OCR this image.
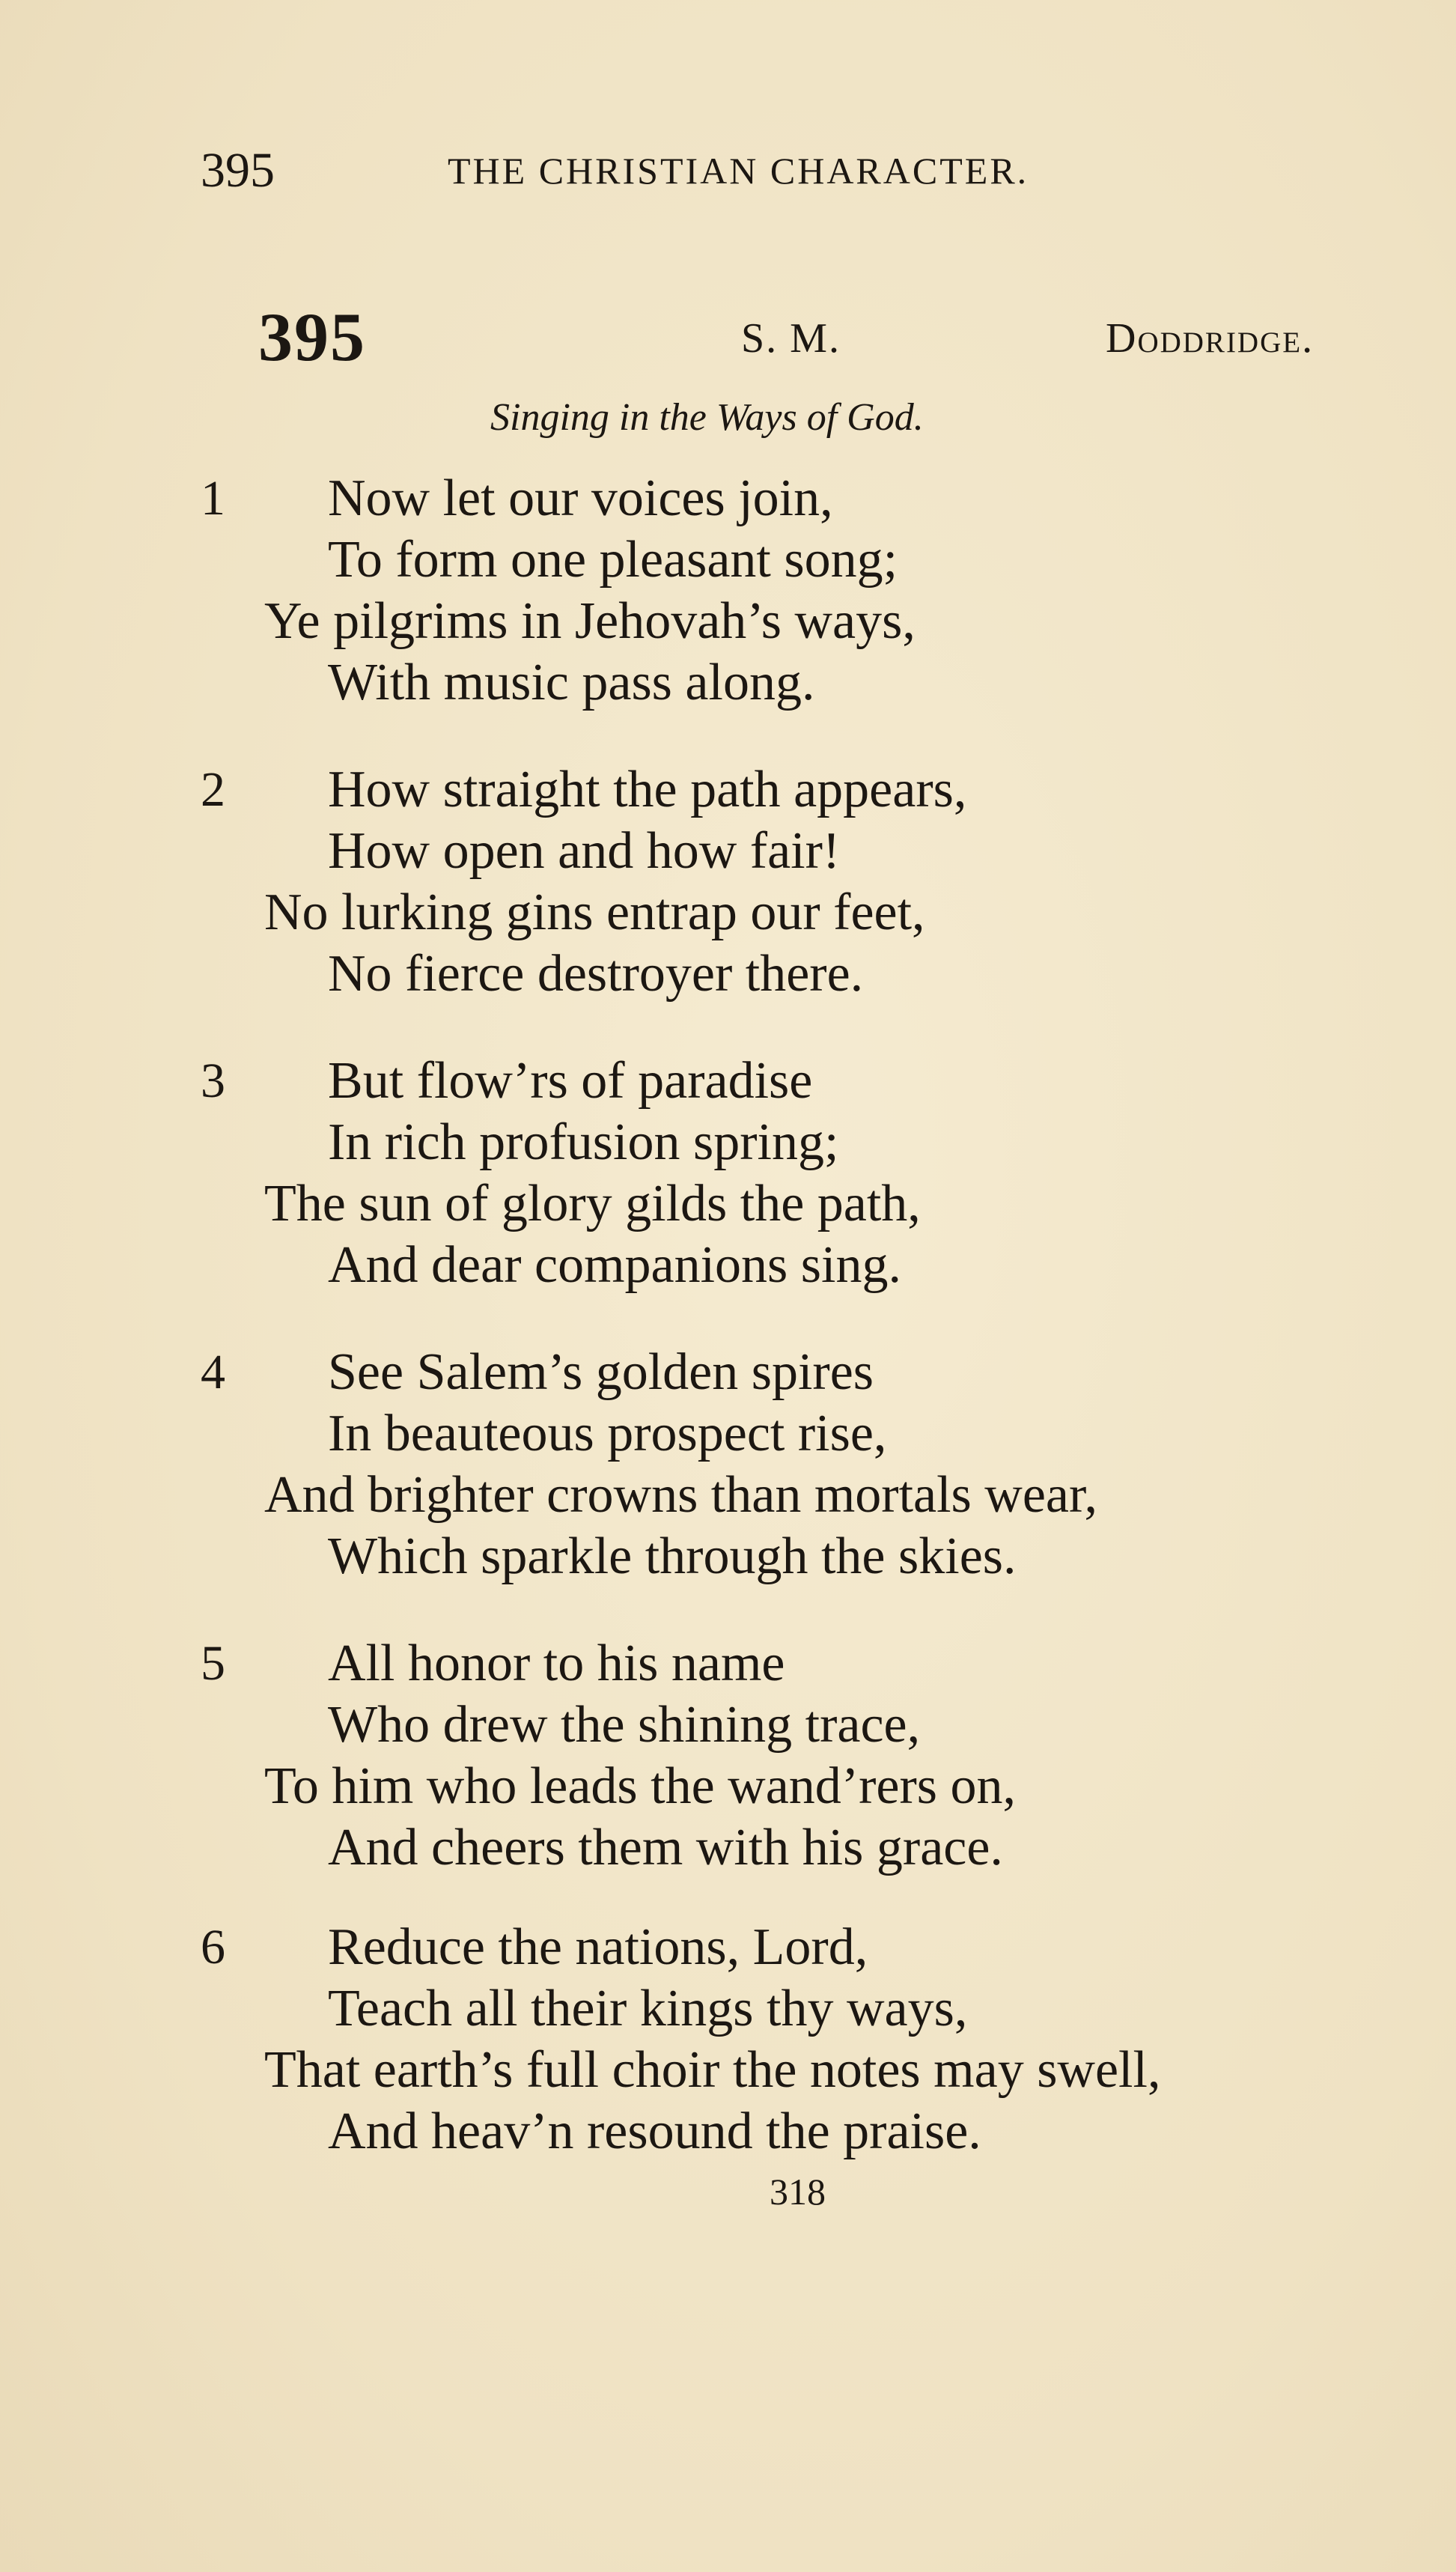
395	THE CHRISTIAN CHARACTER.
395	S. M.	Doddridge.
Singing in the Ways of God.
1 Now let our voices join,
To form one pleasant song;
Ye pilgrims in Jehovah’s ways,
With music pass along.
2 How straight the path appears,
How open and how fair!
No lurking gins entrap our feet,
No fierce destroyer there.
3 But flow’rs of paradise
In rich profusion spring;
The sun of glory gilds the path,
And dear companions sing.
4 See Salem’s golden spires
In beauteous prospect rise,
And brighter crowns than mortals wear,
Which sparkle through the skies.
5 All honor to his name
Who drew the shining trace,
To him who leads the wand’rers on,
And cheers them with his grace.
6 Reduce the nations, Lord,
Teach all their kings thy ways,
That earth’s full choir the notes may swell,
And heav’n resound the praise.
318
